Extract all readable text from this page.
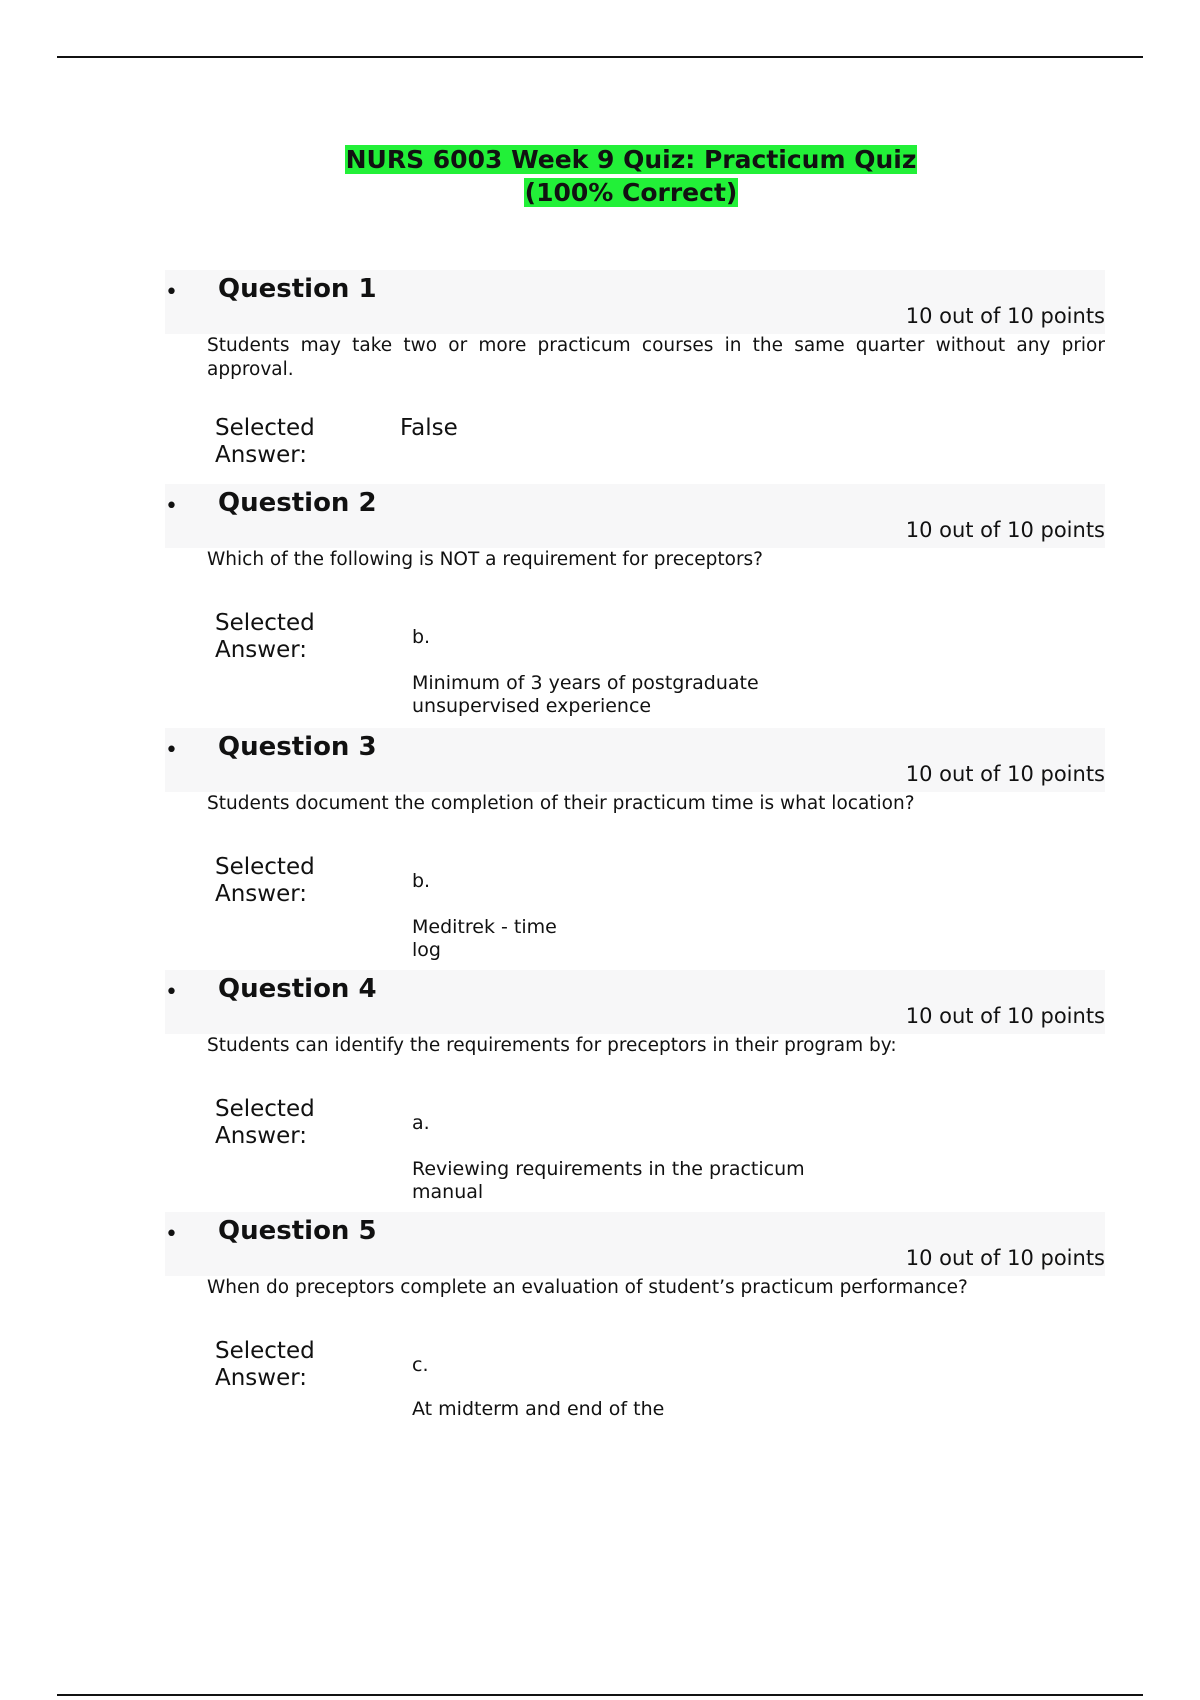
NURS 6003 Week 9 Quiz: Practicum Quiz
(100% Correct)
• Question 1
10 out of 10 points
Students may take two or more practicum courses in the same quarter without any prior approval.
Selected Answer:
False
• Question 2
10 out of 10 points
Which of the following is NOT a requirement for preceptors?
Selected Answer:	b.
Minimum of 3 years of postgraduate unsupervised experience
• Question 3
10 out of 10 points
Students document the completion of their practicum time is what location?
Selected Answer:	b.
Meditrek - time log
• Question 4
10 out of 10 points
Students can identify the requirements for preceptors in their program by:
Selected Answer:	a.
Reviewing requirements in the practicum manual
• Question 5
10 out of 10 points
When do preceptors complete an evaluation of student’s practicum performance?
Selected Answer:	c.
At midterm and end of the
